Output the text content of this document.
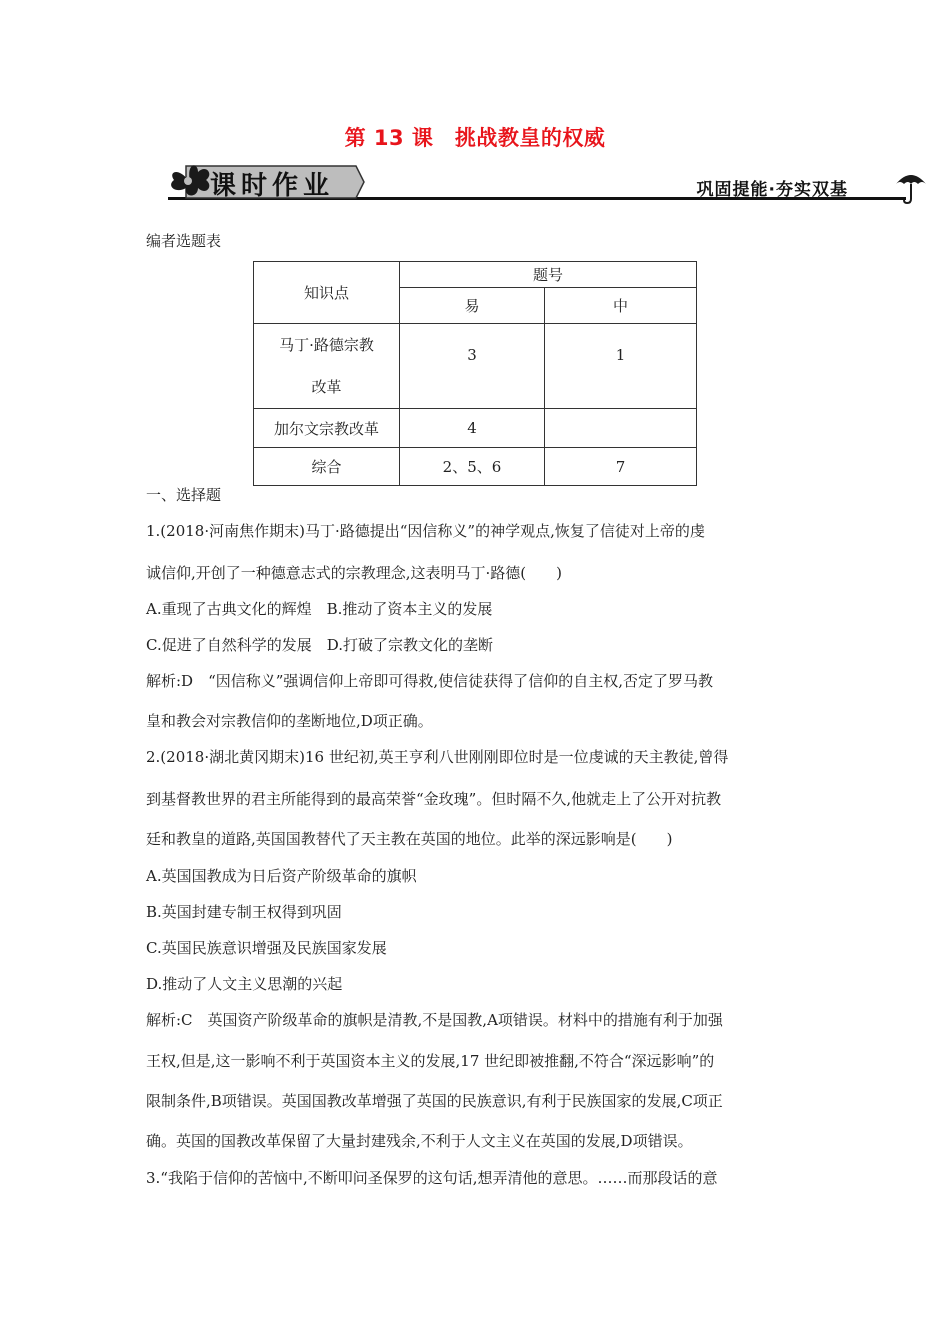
第 13 课　挑战教皇的权威
课时作业	巩固提能·夯实双基
编者选题表
知识点	题号	
	易	中

马丁·路德宗教
改革	3	1
加尔文宗教改革	4	
综合	2、5、6	7
一、选择题
1.(2018·河南焦作期末)马丁·路德提出“因信称义”的神学观点,恢复了信徒对上帝的虔
诚信仰,开创了一种德意志式的宗教理念,这表明马丁·路德(　　)
A.重现了古典文化的辉煌　B.推动了资本主义的发展
C.促进了自然科学的发展　D.打破了宗教文化的垄断
解析:D　“因信称义”强调信仰上帝即可得救,使信徒获得了信仰的自主权,否定了罗马教
皇和教会对宗教信仰的垄断地位,D项正确。
2.(2018·湖北黄冈期末)16 世纪初,英王亨利八世刚刚即位时是一位虔诚的天主教徒,曾得
到基督教世界的君主所能得到的最高荣誉“金玫瑰”。但时隔不久,他就走上了公开对抗教
廷和教皇的道路,英国国教替代了天主教在英国的地位。此举的深远影响是(　　)
A.英国国教成为日后资产阶级革命的旗帜
B.英国封建专制王权得到巩固
C.英国民族意识增强及民族国家发展
D.推动了人文主义思潮的兴起
解析:C　英国资产阶级革命的旗帜是清教,不是国教,A项错误。材料中的措施有利于加强
王权,但是,这一影响不利于英国资本主义的发展,17 世纪即被推翻,不符合“深远影响”的
限制条件,B项错误。英国国教改革增强了英国的民族意识,有利于民族国家的发展,C项正
确。英国的国教改革保留了大量封建残余,不利于人文主义在英国的发展,D项错误。
3.“我陷于信仰的苦恼中,不断叩问圣保罗的这句话,想弄清他的意思。……而那段话的意
